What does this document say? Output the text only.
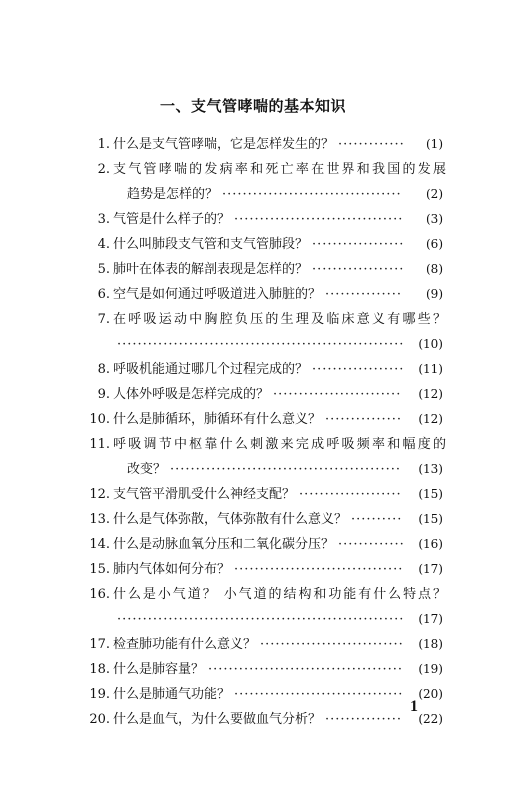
一、支气管哮喘的基本知识
1. 什么是支气管哮喘，它是怎样发生的？ ············· (1)
2. 支气管哮喘的发病率和死亡率在世界和我国的发展
趋势是怎样的？ ··································· (2)
3. 气管是什么样子的？ ································· (3)
4. 什么叫肺段支气管和支气管肺段？ ·················· (6)
5. 肺叶在体表的解剖表现是怎样的？ ·················· (8)
6. 空气是如何通过呼吸道进入肺脏的？ ··············· (9)
7. 在呼吸运动中胸腔负压的生理及临床意义有哪些？
························································ (10)
8. 呼吸机能通过哪几个过程完成的？ ·················· (11)
9. 人体外呼吸是怎样完成的？ ························· (12)
10. 什么是肺循环，肺循环有什么意义？ ··············· (12)
11. 呼吸调节中枢靠什么刺激来完成呼吸频率和幅度的
改变？ ············································· (13)
12. 支气管平滑肌受什么神经支配？ ···················· (15)
13. 什么是气体弥散，气体弥散有什么意义？ ·········· (15)
14. 什么是动脉血氧分压和二氧化碳分压？ ············· (16)
15. 肺内气体如何分布？ ································· (17)
16. 什么是小气道？ 小气道的结构和功能有什么特点？
························································ (17)
17. 检查肺功能有什么意义？ ···························· (18)
18. 什么是肺容量？ ······································ (19)
19. 什么是肺通气功能？ ································· (20)
20. 什么是血气，为什么要做血气分析？ ··············· (22)
1
